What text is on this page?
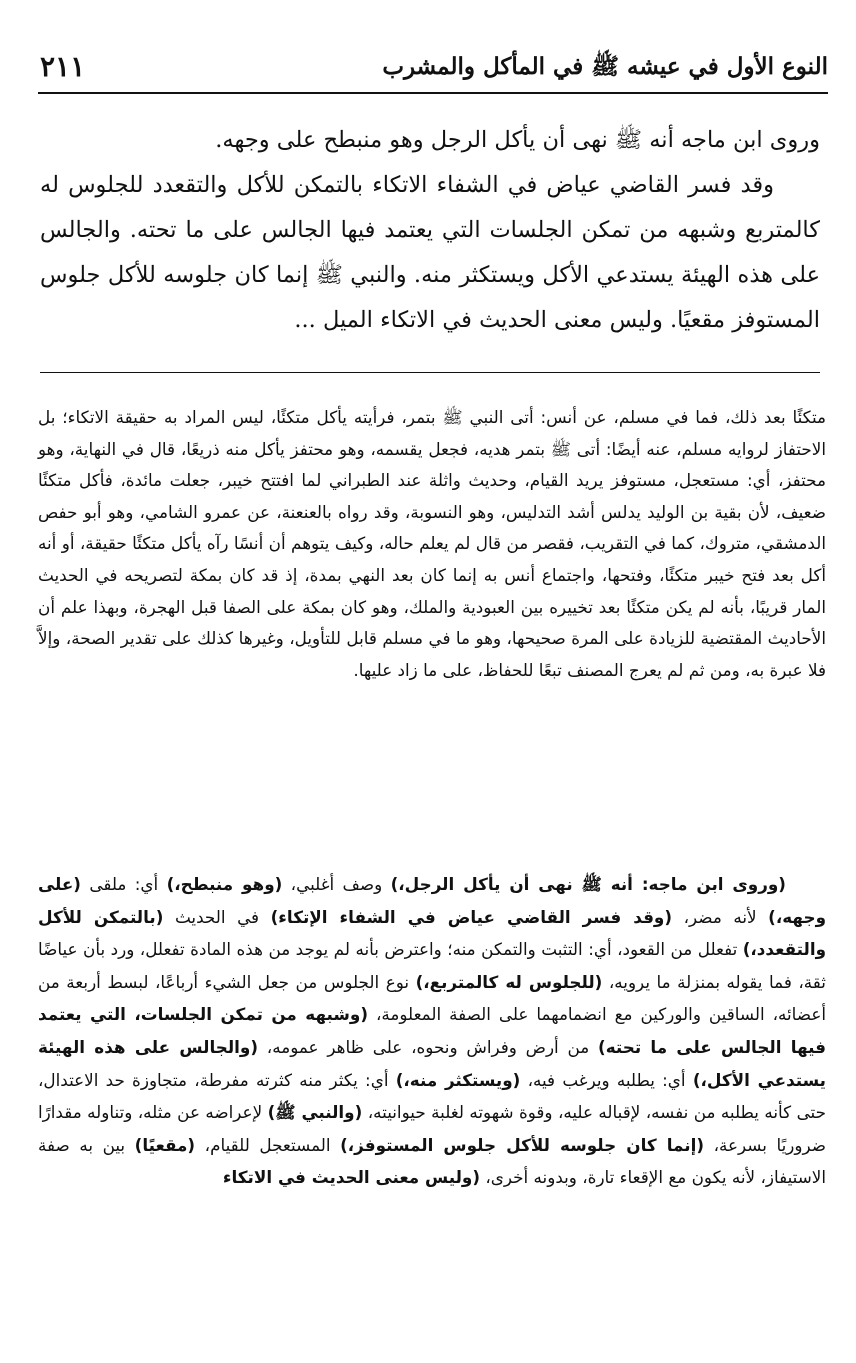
النوع الأول في عيشه ﷺ في المأكل والمشرب
٢١١

وروى ابن ماجه أنه ﷺ نهى أن يأكل الرجل وهو منبطح على وجهه.

وقد فسر القاضي عياض في الشفاء الاتكاء بالتمكن للأكل والتقعدد للجلوس له كالمتربع وشبهه من تمكن الجلسات التي يعتمد فيها الجالس على ما تحته. والجالس على هذه الهيئة يستدعي الأكل ويستكثر منه. والنبي ﷺ إنما كان جلوسه للأكل جلوس المستوفز مقعيًا. وليس معنى الحديث في الاتكاء الميل ...

متكئًا بعد ذلك، فما في مسلم، عن أنس: أتى النبي ﷺ بتمر، فرأيته يأكل متكئًا، ليس المراد به حقيقة الاتكاء؛ بل الاحتفاز لروايه مسلم، عنه أيضًا: أتى ﷺ بتمر هديه، فجعل يقسمه، وهو محتفز يأكل منه ذريعًا، قال في النهاية، وهو محتفز، أي: مستعجل، مستوفز يريد القيام، وحديث واثلة عند الطبراني لما افتتح خيبر، جعلت مائدة، فأكل متكئًا ضعيف، لأن بقية بن الوليد يدلس أشد التدليس، وهو النسوبة، وقد رواه بالعنعنة، عن عمرو الشامي، وهو أبو حفص الدمشقي، متروك، كما في التقريب، فقصر من قال لم يعلم حاله، وكيف يتوهم أن أنسًا رآه يأكل متكئًا حقيقة، أو أنه أكل بعد فتح خيبر متكئًا، وفتحها، واجتماع أنس به إنما كان بعد النهي بمدة، إذ قد كان بمكة لتصريحه في الحديث المار قريبًا، بأنه لم يكن متكئًا بعد تخييره بين العبودية والملك، وهو كان بمكة على الصفا قبل الهجرة، وبهذا علم أن الأحاديث المقتضية للزيادة على المرة صحيحها، وهو ما في مسلم قابل للتأويل، وغيرها كذلك على تقدير الصحة، وإلاَّ فلا عبرة به، ومن ثم لم يعرج المصنف تبعًا للحفاظ، على ما زاد عليها.

(وروى ابن ماجه: أنه ﷺ نهى أن يأكل الرجل،) وصف أغلبي، (وهو منبطح،) أي: ملقى (على وجهه،) لأنه مضر، (وقد فسر القاضي عياض في الشفاء الإتكاء) في الحديث (بالتمكن للأكل والتقعدد،) تفعلل من القعود، أي: التثبت والتمكن منه؛ واعترض بأنه لم يوجد من هذه المادة تفعلل، ورد بأن عياضًا ثقة، فما يقوله بمنزلة ما يرويه، (للجلوس له كالمتربع،) نوع الجلوس من جعل الشيء أرباعًا، لبسط أربعة من أعضائه، الساقين والوركين مع انضمامهما على الصفة المعلومة، (وشبهه من تمكن الجلسات، التي يعتمد فيها الجالس على ما تحته) من أرض وفراش ونحوه، على ظاهر عمومه، (والجالس على هذه الهيئة يستدعي الأكل،) أي: يطلبه ويرغب فيه، (ويستكثر منه،) أي: يكثر منه كثرته مفرطة، متجاوزة حد الاعتدال، حتى كأنه يطلبه من نفسه، لإقباله عليه، وقوة شهوته لغلبة حيوانيته، (والنبي ﷺ) لإعراضه عن مثله، وتناوله مقدارًا ضروريًا بسرعة، (إنما كان جلوسه للأكل جلوس المستوفز،) المستعجل للقيام، (مقعيًا) بين به صفة الاستيفاز، لأنه يكون مع الإقعاء تارة، وبدونه أخرى، (وليس معنى الحديث في الاتكاء
